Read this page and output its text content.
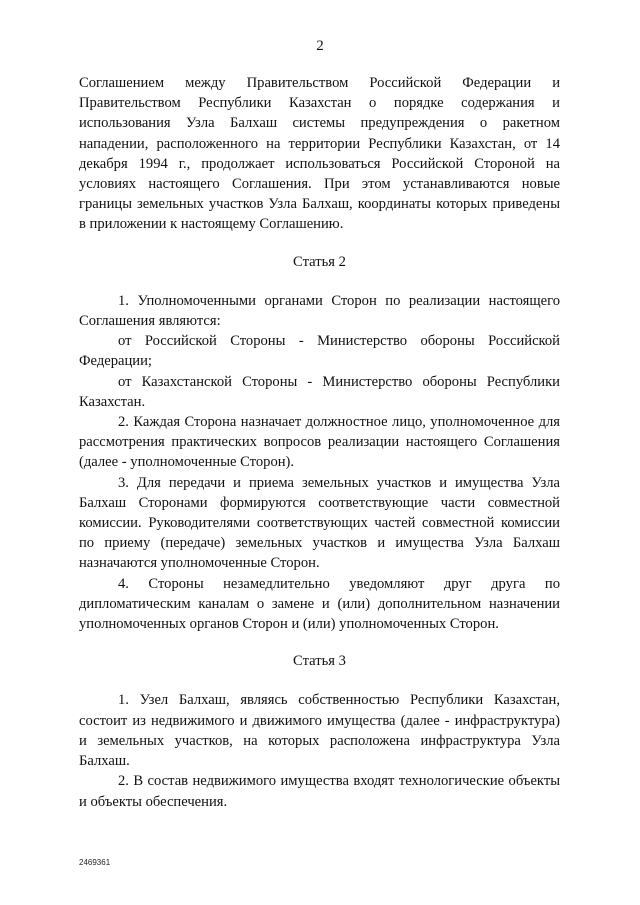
2

Соглашением между Правительством Российской Федерации и Правительством Республики Казахстан о порядке содержания и использования Узла Балхаш системы предупреждения о ракетном нападении, расположенного на территории Республики Казахстан, от 14 декабря 1994 г., продолжает использоваться Российской Стороной на условиях настоящего Соглашения. При этом устанавливаются новые границы земельных участков Узла Балхаш, координаты которых приведены в приложении к настоящему Соглашению.

Статья 2

1. Уполномоченными органами Сторон по реализации настоящего Соглашения являются:

от Российской Стороны - Министерство обороны Российской Федерации;

от Казахстанской Стороны - Министерство обороны Республики Казахстан.

2. Каждая Сторона назначает должностное лицо, уполномоченное для рассмотрения практических вопросов реализации настоящего Соглашения (далее - уполномоченные Сторон).

3. Для передачи и приема земельных участков и имущества Узла Балхаш Сторонами формируются соответствующие части совместной комиссии. Руководителями соответствующих частей совместной комиссии по приему (передаче) земельных участков и имущества Узла Балхаш назначаются уполномоченные Сторон.

4. Стороны незамедлительно уведомляют друг друга по дипломатическим каналам о замене и (или) дополнительном назначении уполномоченных органов Сторон и (или) уполномоченных Сторон.

Статья 3

1. Узел Балхаш, являясь собственностью Республики Казахстан, состоит из недвижимого и движимого имущества (далее - инфраструктура) и земельных участков, на которых расположена инфраструктура Узла Балхаш.

2. В состав недвижимого имущества входят технологические объекты и объекты обеспечения.

2469361
